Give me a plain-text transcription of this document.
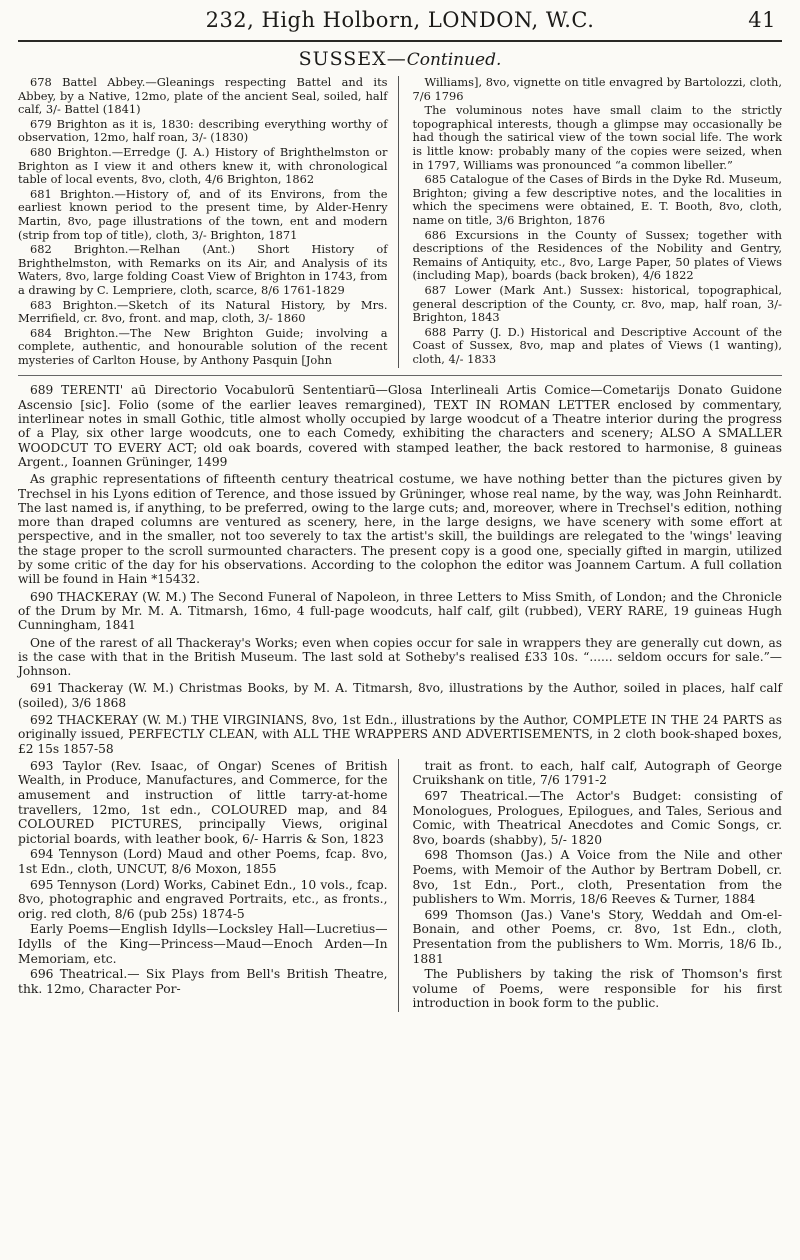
232, High Holborn, LONDON, W.C.	41
SUSSEX—Continued.

678 Battel Abbey.—Gleanings respecting Battel and its Abbey, by a Native, 12mo, plate of the ancient Seal, soiled, half calf, 3/- Battel (1841)

679 Brighton as it is, 1830: describing everything worthy of observation, 12mo, half roan, 3/- (1830)

680 Brighton.—Erredge (J. A.) History of Brighthelmston or Brighton as I view it and others knew it, with chronological table of local events, 8vo, cloth, 4/6 Brighton, 1862

681 Brighton.—History of, and of its Environs, from the earliest known period to the present time, by Alder-Henry Martin, 8vo, page illustrations of the town, ent and modern (strip from top of title), cloth, 3/- Brighton, 1871

682 Brighton.—Relhan (Ant.) Short History of Brighthelmston, with Remarks on its Air, and Analysis of its Waters, 8vo, large folding Coast View of Brighton in 1743, from a drawing by C. Lempriere, cloth, scarce, 8/6 1761-1829

683 Brighton.—Sketch of its Natural History, by Mrs. Merrifield, cr. 8vo, front. and map, cloth, 3/- 1860

684 Brighton.—The New Brighton Guide; involving a complete, authentic, and honourable solution of the recent mysteries of Carlton House, by Anthony Pasquin [John

Williams], 8vo, vignette on title envagred by Bartolozzi, cloth, 7/6 1796

The voluminous notes have small claim to the strictly topographical interests, though a glimpse may occasionally be had though the satirical view of the town social life. The work is little know: probably many of the copies were seized, when in 1797, Williams was pronounced “a common libeller.”

685 Catalogue of the Cases of Birds in the Dyke Rd. Museum, Brighton; giving a few descriptive notes, and the localities in which the specimens were obtained, E. T. Booth, 8vo, cloth, name on title, 3/6 Brighton, 1876

686 Excursions in the County of Sussex; together with descriptions of the Residences of the Nobility and Gentry, Remains of Antiquity, etc., 8vo, Large Paper, 50 plates of Views (including Map), boards (back broken), 4/6 1822

687 Lower (Mark Ant.) Sussex: historical, topographical, general description of the County, cr. 8vo, map, half roan, 3/- Brighton, 1843

688 Parry (J. D.) Historical and Descriptive Account of the Coast of Sussex, 8vo, map and plates of Views (1 wanting), cloth, 4/- 1833

689 TERENTI' aū Directorio Vocabulorū Sententiarū—Glosa Interlineali Artis Comice—Cometarijs Donato Guidone Ascensio [sic]. Folio (some of the earlier leaves remargined), TEXT IN ROMAN LETTER enclosed by commentary, interlinear notes in small Gothic, title almost wholly occupied by large woodcut of a Theatre interior during the progress of a Play, six other large woodcuts, one to each Comedy, exhibiting the characters and scenery; ALSO A SMALLER WOODCUT TO EVERY ACT; old oak boards, covered with stamped leather, the back restored to harmonise, 8 guineas Argent., Ioannen Grüninger, 1499

As graphic representations of fifteenth century theatrical costume, we have nothing better than the pictures given by Trechsel in his Lyons edition of Terence, and those issued by Grüninger, whose real name, by the way, was John Reinhardt. The last named is, if anything, to be preferred, owing to the large cuts; and, moreover, where in Trechsel's edition, nothing more than draped columns are ventured as scenery, here, in the large designs, we have scenery with some effort at perspective, and in the smaller, not too severely to tax the artist's skill, the buildings are relegated to the 'wings' leaving the stage proper to the scroll surmounted characters. The present copy is a good one, specially gifted in margin, utilized by some critic of the day for his observations. According to the colophon the editor was Joannem Cartum. A full collation will be found in Hain *15432.

690 THACKERAY (W. M.) The Second Funeral of Napoleon, in three Letters to Miss Smith, of London; and the Chronicle of the Drum by Mr. M. A. Titmarsh, 16mo, 4 full-page woodcuts, half calf, gilt (rubbed), VERY RARE, 19 guineas Hugh Cunningham, 1841

One of the rarest of all Thackeray's Works; even when copies occur for sale in wrappers they are generally cut down, as is the case with that in the British Museum. The last sold at Sotheby's realised £33 10s. “...... seldom occurs for sale.”—Johnson.

691 Thackeray (W. M.) Christmas Books, by M. A. Titmarsh, 8vo, illustrations by the Author, soiled in places, half calf (soiled), 3/6 1868

692 THACKERAY (W. M.) THE VIRGINIANS, 8vo, 1st Edn., illustrations by the Author, COMPLETE IN THE 24 PARTS as originally issued, PERFECTLY CLEAN, with ALL THE WRAPPERS AND ADVERTISEMENTS, in 2 cloth book-shaped boxes, £2 15s 1857-58

693 Taylor (Rev. Isaac, of Ongar) Scenes of British Wealth, in Produce, Manufactures, and Commerce, for the amusement and instruction of little tarry-at-home travellers, 12mo, 1st edn., COLOURED map, and 84 COLOURED PICTURES, principally Views, original pictorial boards, with leather book, 6/- Harris & Son, 1823

694 Tennyson (Lord) Maud and other Poems, fcap. 8vo, 1st Edn., cloth, UNCUT, 8/6 Moxon, 1855

695 Tennyson (Lord) Works, Cabinet Edn., 10 vols., fcap. 8vo, photographic and engraved Portraits, etc., as fronts., orig. red cloth, 8/6 (pub 25s) 1874-5

Early Poems—English Idylls—Locksley Hall—Lucretius—Idylls of the King—Princess—Maud—Enoch Arden—In Memoriam, etc.

696 Theatrical.— Six Plays from Bell's British Theatre, thk. 12mo, Character Por-

trait as front. to each, half calf, Autograph of George Cruikshank on title, 7/6 1791-2

697 Theatrical.—The Actor's Budget: consisting of Monologues, Prologues, Epilogues, and Tales, Serious and Comic, with Theatrical Anecdotes and Comic Songs, cr. 8vo, boards (shabby), 5/- 1820

698 Thomson (Jas.) A Voice from the Nile and other Poems, with Memoir of the Author by Bertram Dobell, cr. 8vo, 1st Edn., Port., cloth, Presentation from the publishers to Wm. Morris, 18/6 Reeves & Turner, 1884

699 Thomson (Jas.) Vane's Story, Weddah and Om-el-Bonain, and other Poems, cr. 8vo, 1st Edn., cloth, Presentation from the publishers to Wm. Morris, 18/6 Ib., 1881

The Publishers by taking the risk of Thomson's first volume of Poems, were responsible for his first introduction in book form to the public.
